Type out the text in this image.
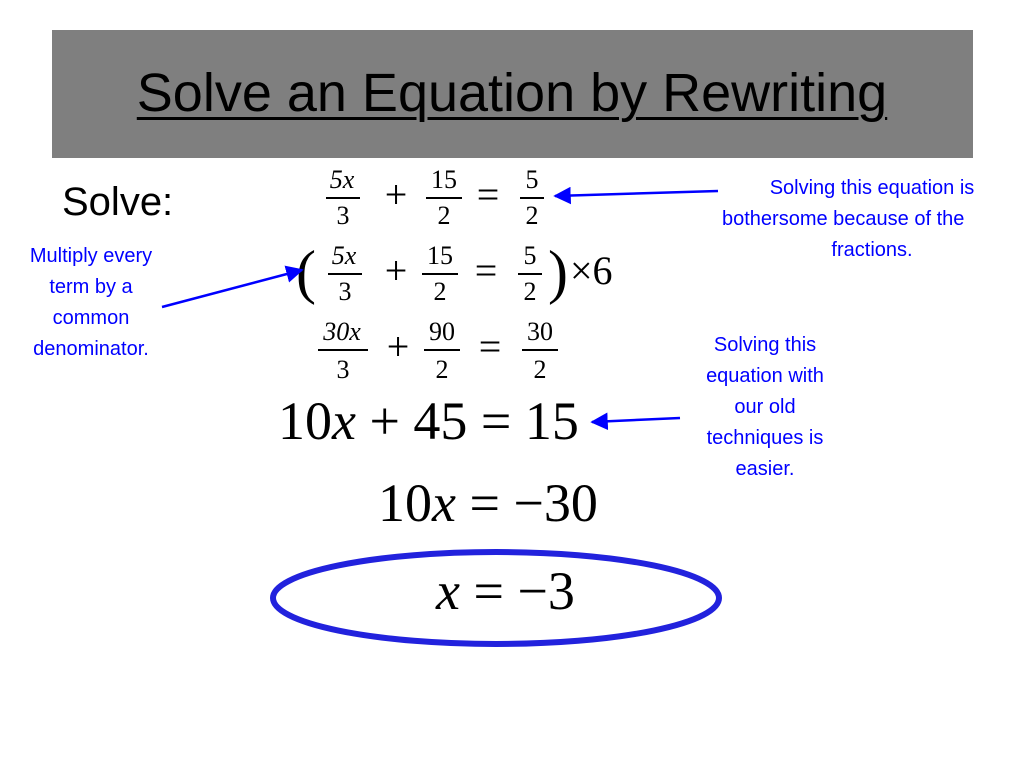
Solve an Equation by Rewriting
Solve:
5x
3 + 15
2 = 5
2
( 5x
3 + 15
2 = 5
2 ) ×6
30x
3
+ 90
2
= 30
2
10x + 45 = 15
10x = −30
x = −3
Solving this equation is
bothersome because of the
fractions.
Multiply every
term by a
common
denominator.	Solving this
equation with
our old
techniques is
easier.
